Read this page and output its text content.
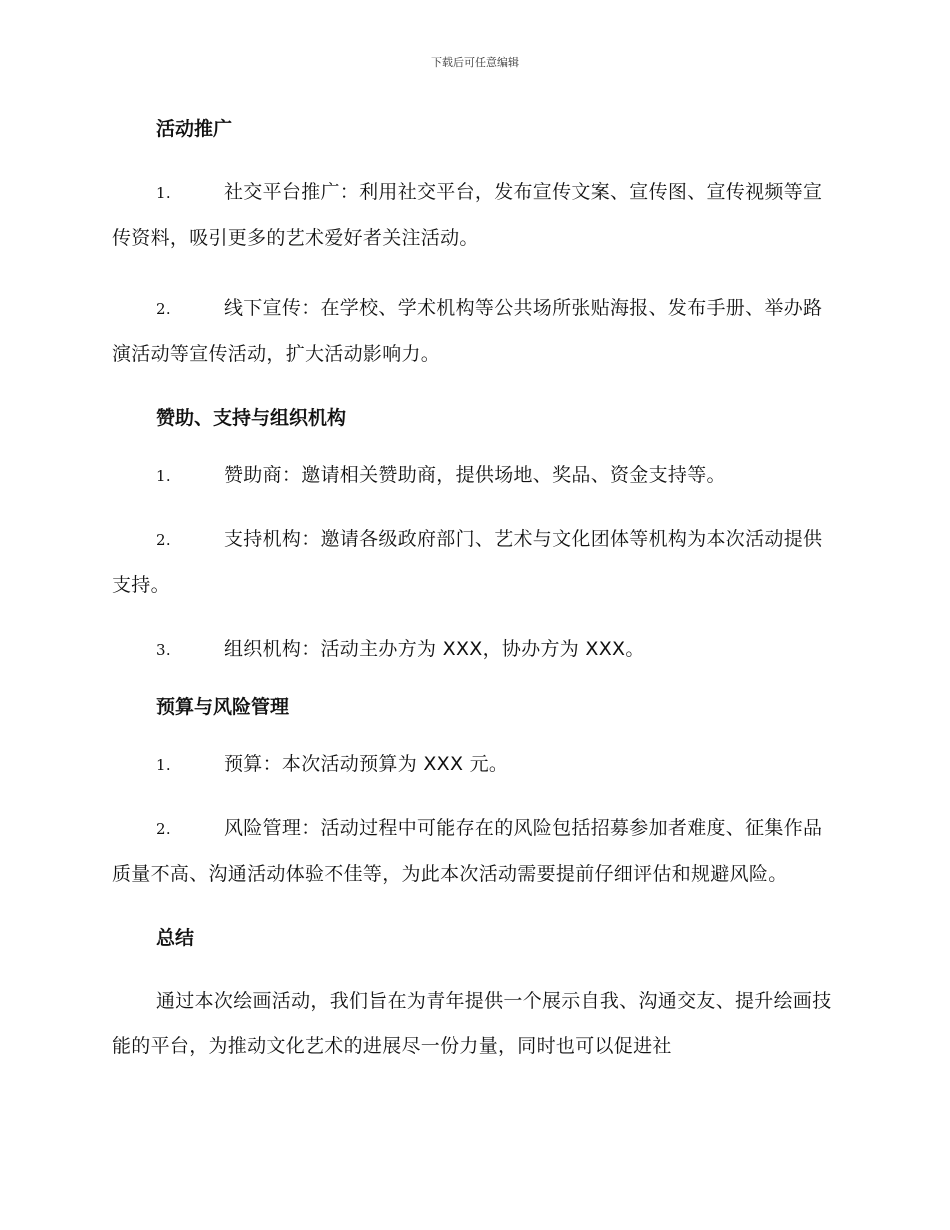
下载后可任意编辑
活动推广

1.	社交平台推广：利用社交平台，发布宣传文案、宣传图、宣传视频等宣传资料，吸引更多的艺术爱好者关注活动。

2.	线下宣传：在学校、学术机构等公共场所张贴海报、发布手册、举办路演活动等宣传活动，扩大活动影响力。

赞助、支持与组织机构

1.	赞助商：邀请相关赞助商，提供场地、奖品、资金支持等。

2.	支持机构：邀请各级政府部门、艺术与文化团体等机构为本次活动提供支持。

3.	组织机构：活动主办方为 XXX，协办方为 XXX。

预算与风险管理

1.	预算：本次活动预算为 XXX 元。

2.	风险管理：活动过程中可能存在的风险包括招募参加者难度、征集作品质量不高、沟通活动体验不佳等，为此本次活动需要提前仔细评估和规避风险。

总结

通过本次绘画活动，我们旨在为青年提供一个展示自我、沟通交友、提升绘画技能的平台，为推动文化艺术的进展尽一份力量，同时也可以促进社
